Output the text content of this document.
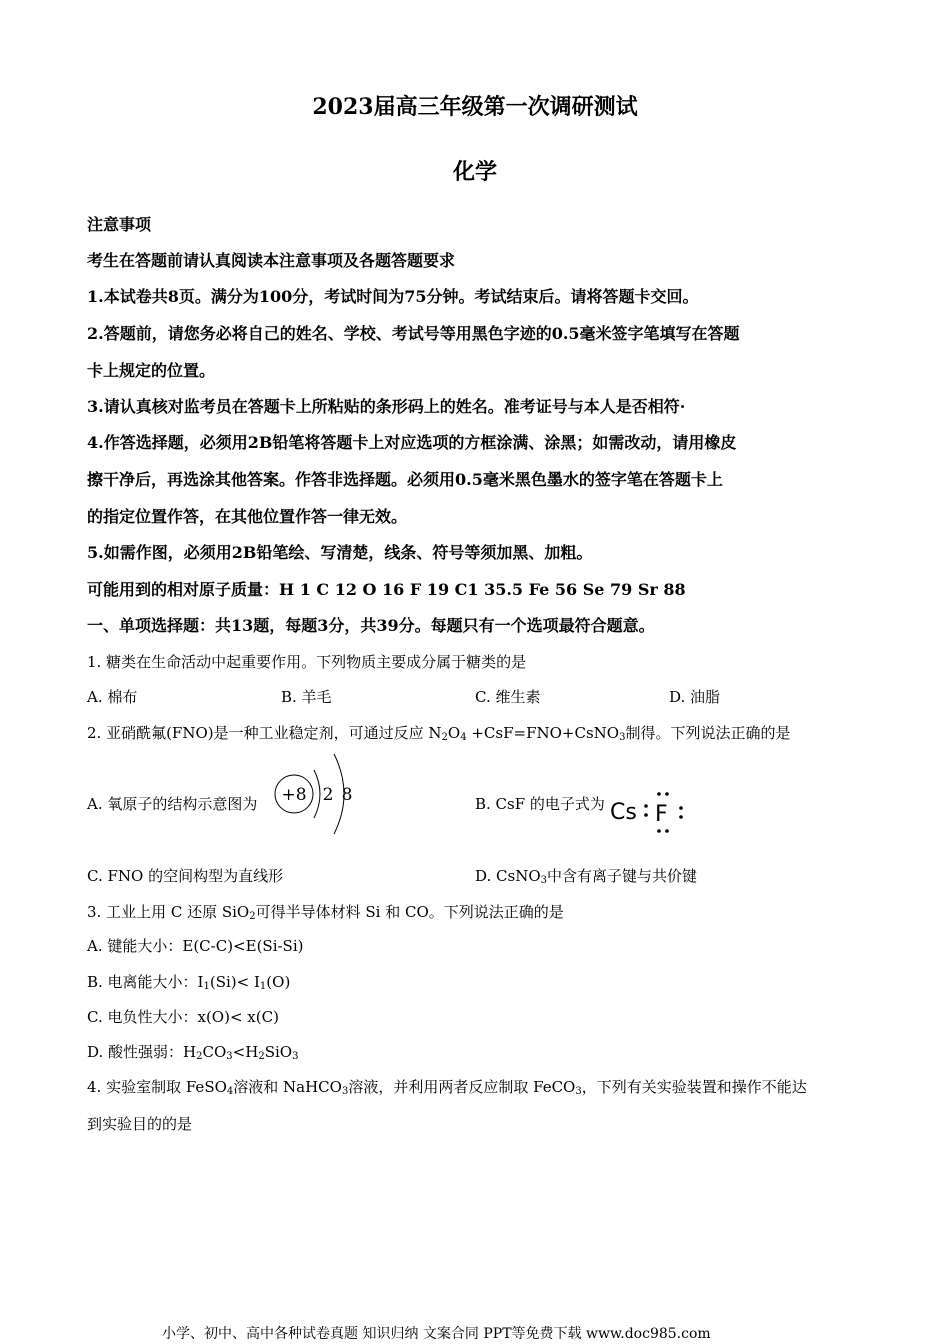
2023届高三年级第一次调研测试
化学
注意事项
考生在答题前请认真阅读本注意事项及各题答题要求
1.本试卷共8页。满分为100分，考试时间为75分钟。考试结束后。请将答题卡交回。
2.答题前，请您务必将自己的姓名、学校、考试号等用黑色字迹的0.5毫米签字笔填写在答题
卡上规定的位置。
3.请认真核对监考员在答题卡上所粘贴的条形码上的姓名。准考证号与本人是否相符·
4.作答选择题，必须用2B铅笔将答题卡上对应选项的方框涂满、涂黑；如需改动，请用橡皮
擦干净后，再选涂其他答案。作答非选择题。必须用0.5毫米黑色墨水的签字笔在答题卡上
的指定位置作答，在其他位置作答一律无效。
5.如需作图，必须用2B铅笔绘、写清楚，线条、符号等须加黑、加粗。
可能用到的相对原子质量：H 1 C 12 O 16 F 19 C1 35.5 Fe 56 Se 79 Sr 88
一、单项选择题：共13题，每题3分，共39分。每题只有一个选项最符合题意。
1. 糖类在生命活动中起重要作用。下列物质主要成分属于糖类的是
A. 棉布	B. 羊毛	C. 维生素	D. 油脂
2. 亚硝酰氟(FNO)是一种工业稳定剂，可通过反应 $N_2O_4$ +CsF=FNO+CsNO$_3$制得。下列说法正确的是
A. 氧原子的结构示意图为 +8 2 8	B. CsF 的电子式为 Cs F
C. FNO 的空间构型为直线形	D. CsNO$_3$中含有离子键与共价键
3. 工业上用 C 还原 SiO$_2$可得半导体材料 Si 和 CO。下列说法正确的是
A. 键能大小：E(C-C)<E(Si-Si)
B. 电离能大小：$I_1(Si)< I_1(O)$
C. 电负性大小：x(O)< x(C)
D. 酸性强弱：$H_2CO_3<H_2SiO_3$
4. 实验室制取 FeSO$_4$溶液和 NaHCO$_3$溶液，并利用两者反应制取 FeCO$_3$，下列有关实验装置和操作不能达
到实验目的的是
小学、初中、高中各种试卷真题 知识归纳 文案合同 PPT等免费下载 www.doc985.com
